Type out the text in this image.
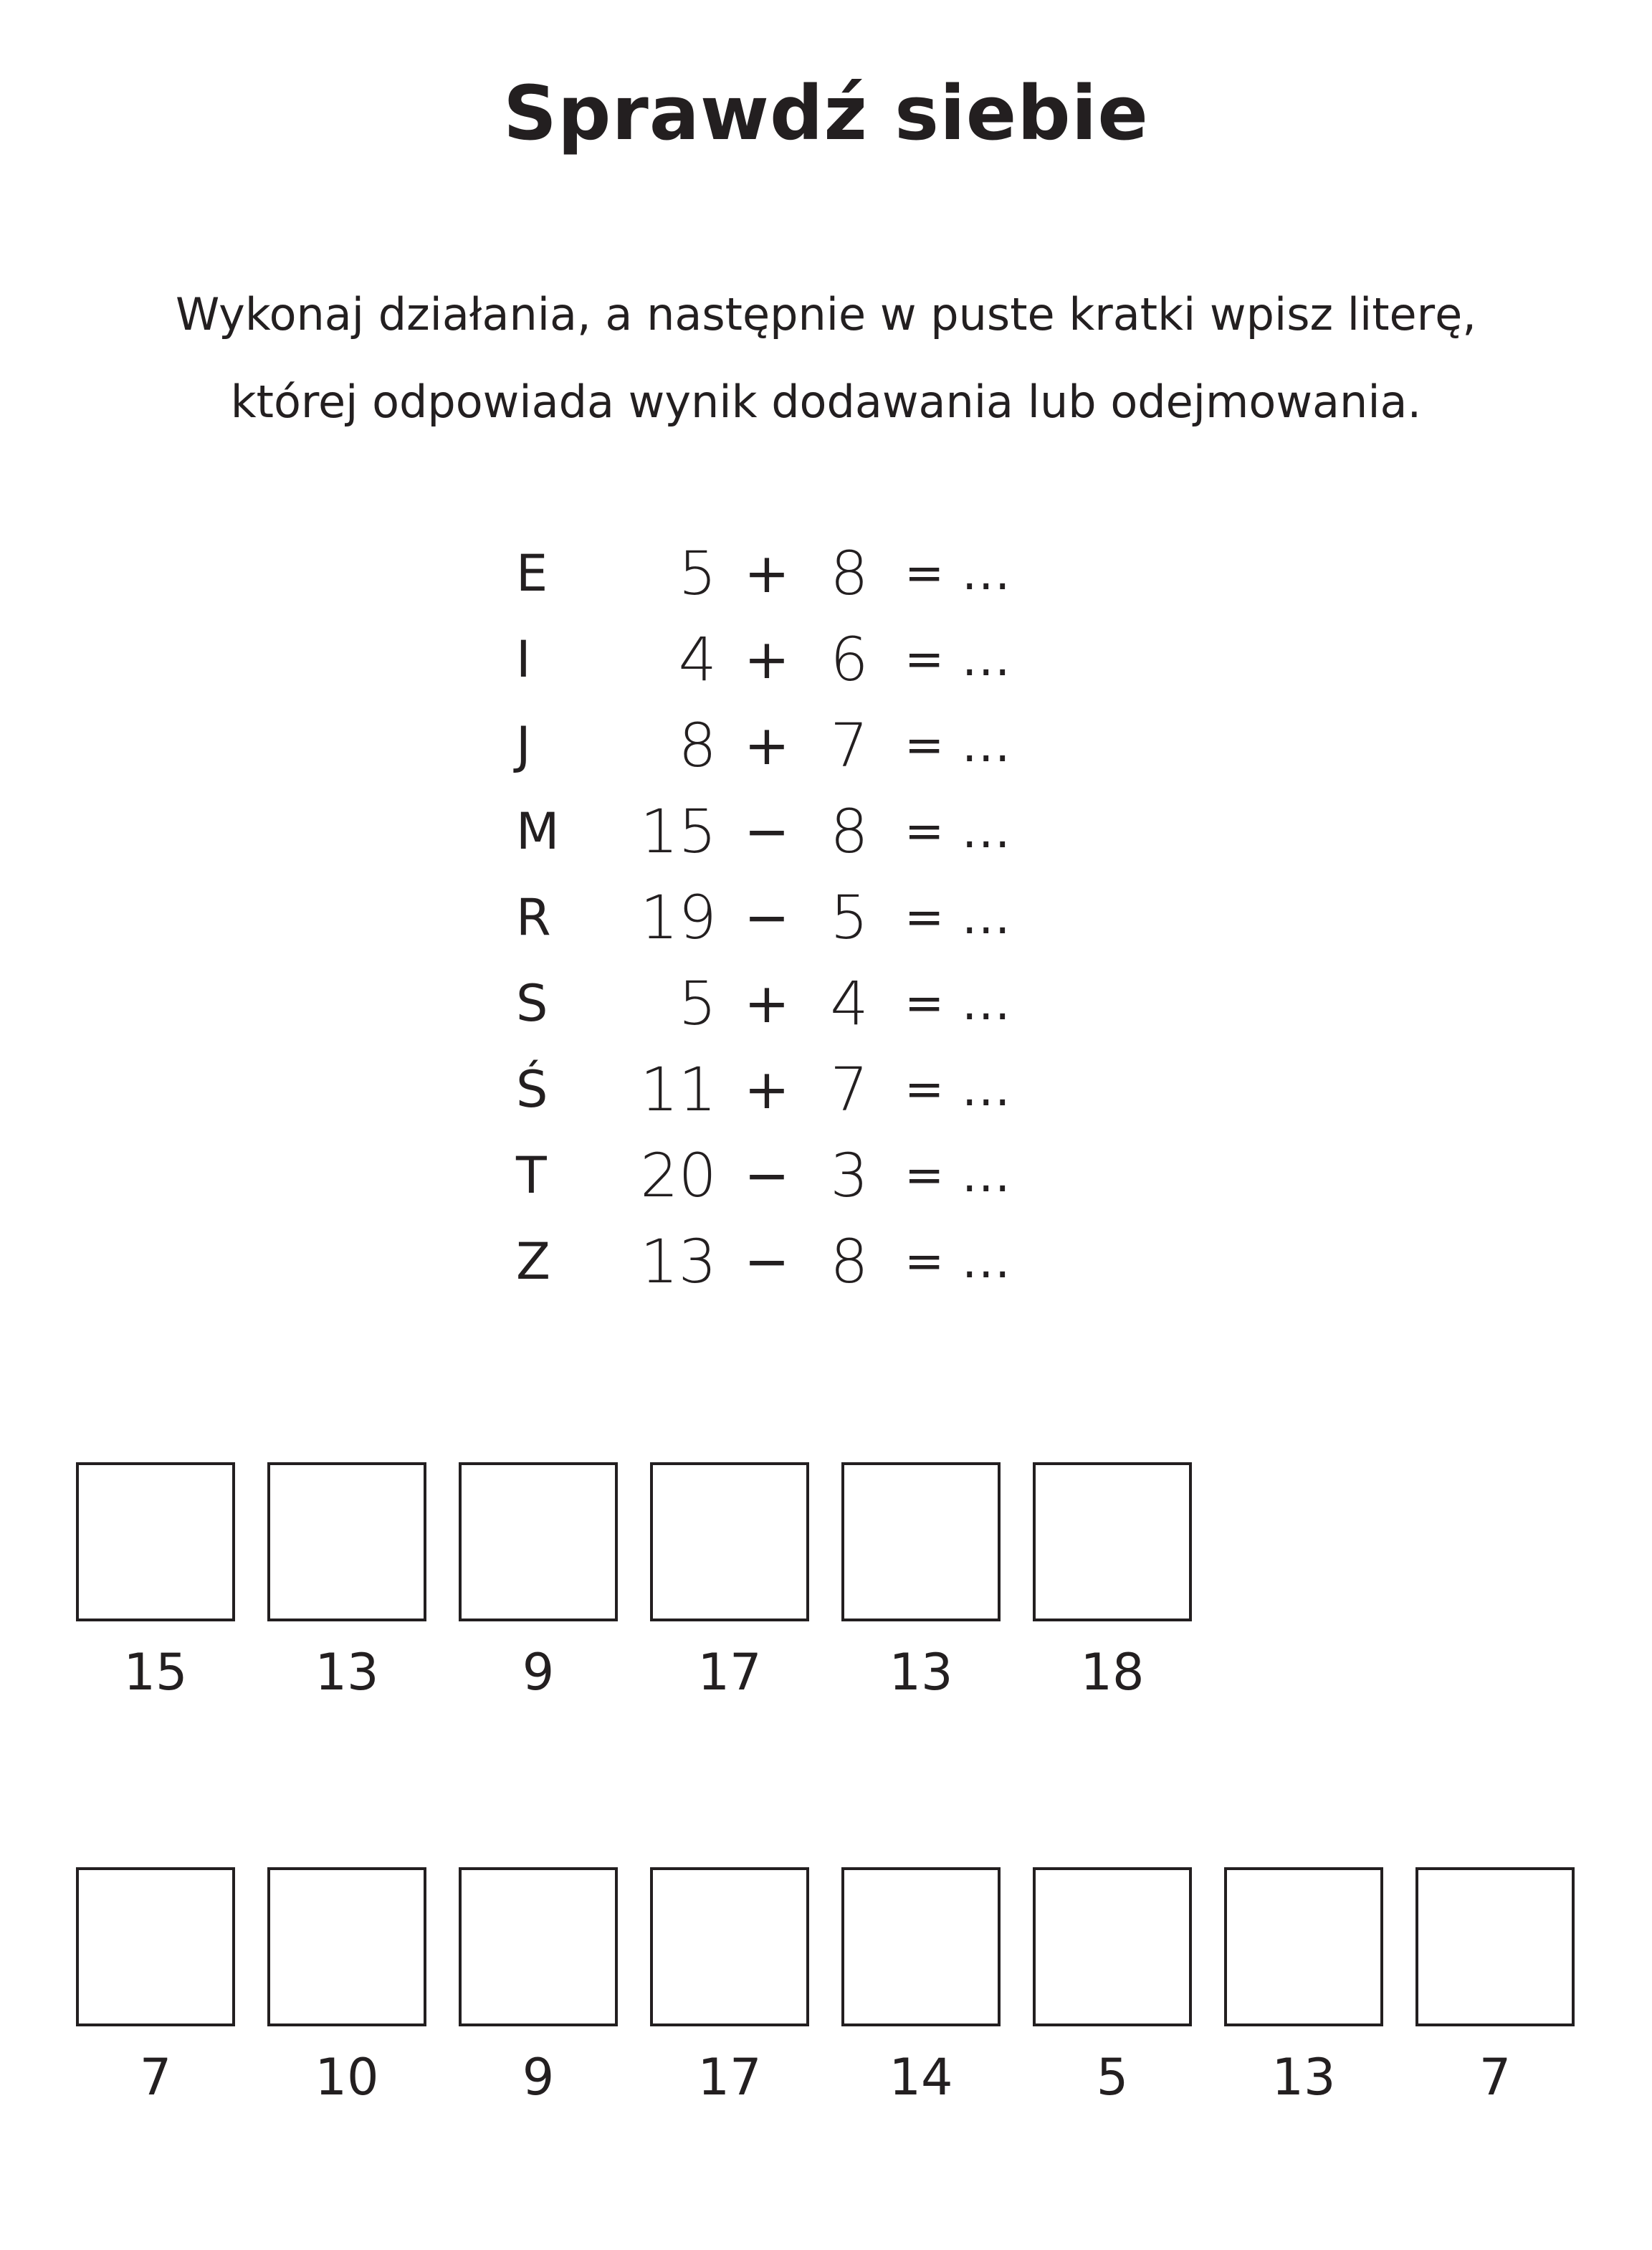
Sprawdź siebie
Wykonaj działania, a następnie w puste kratki wpisz literę,
której odpowiada wynik dodawania lub odejmowania.
E	5 + 8 = ...
I	4 + 6 = ...
J	8 + 7 = ...
M	15 − 8 = ...
R	19 − 5 = ...
S	5 + 4 = ...
Ś	11 + 7 = ...
T	20 − 3 = ...
Z	13 − 8 = ...
15	13	9	17	13	18
7	10	9	17	14	5	13	7
